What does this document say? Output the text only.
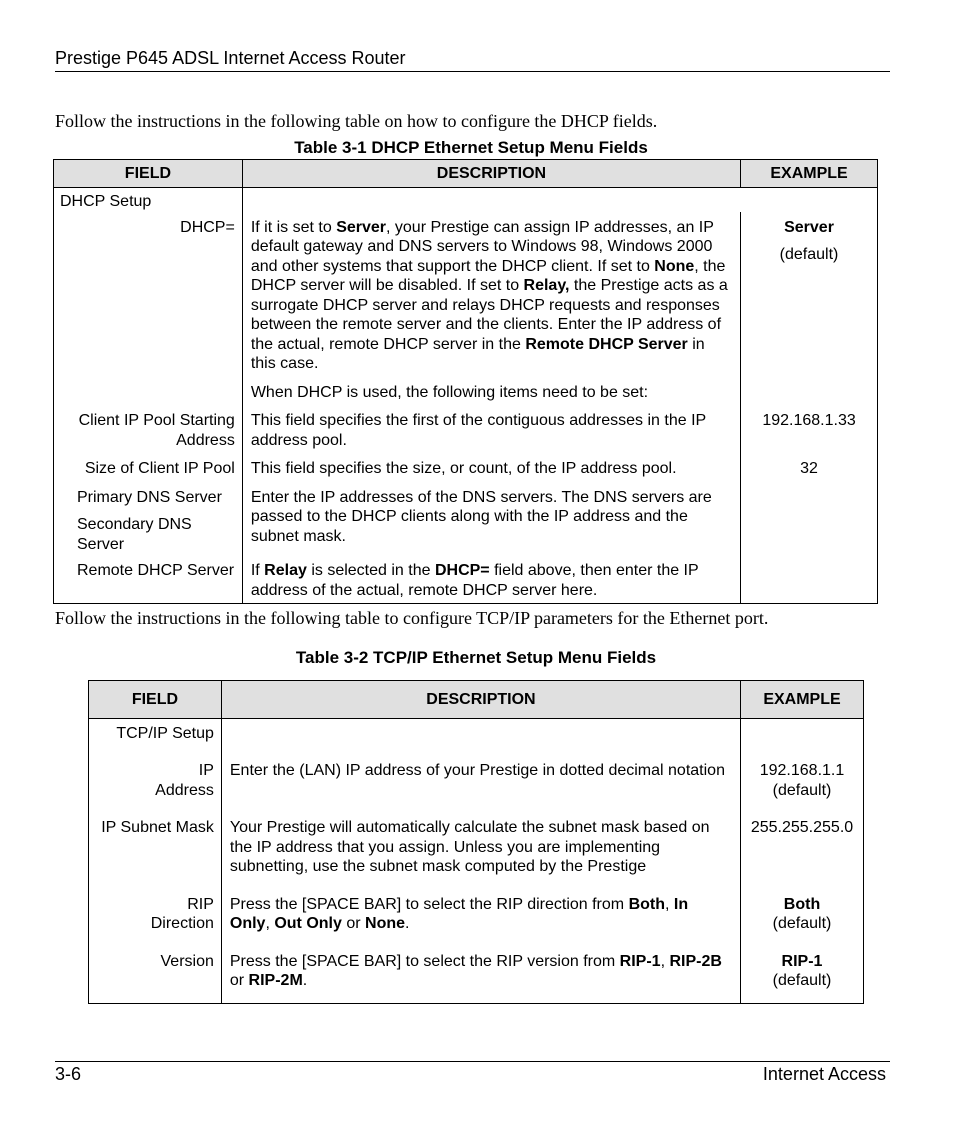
Prestige P645 ADSL Internet Access Router
Follow the instructions in the following table on how to configure the DHCP fields.
Table 3-1 DHCP Ethernet Setup Menu Fields
FIELD	DESCRIPTION	EXAMPLE
DHCP Setup		
DHCP=	If it is set to Server, your Prestige can assign IP addresses, an IP default gateway and DNS servers to Windows 98, Windows 2000 and other systems that support the DHCP client. If set to None, the DHCP server will be disabled. If set to Relay, the Prestige acts as a surrogate DHCP server and relays DHCP requests and responses between the remote server and the clients. Enter the IP address of the actual, remote DHCP server in the Remote DHCP Server in this case.	Server
(default)

	When DHCP is used, the following items need to be set:	
Client IP Pool Starting Address	This field specifies the first of the contiguous addresses in the IP address pool.	192.168.1.33
Size of Client IP Pool	This field specifies the size, or count, of the IP address pool.	32

Primary DNS Server
Secondary DNS Server	Enter the IP addresses of the DNS servers. The DNS servers are passed to the DHCP clients along with the IP address and the subnet mask.	
Remote DHCP Server	If Relay is selected in the DHCP= field above, then enter the IP address of the actual, remote DHCP server here.	

Follow the instructions in the following table to configure TCP/IP parameters for the Ethernet port.
Table 3-2 TCP/IP Ethernet Setup Menu Fields
FIELD	DESCRIPTION	EXAMPLE
TCP/IP Setup		

IP Address	Enter the (LAN) IP address of your Prestige in dotted decimal notation	192.168.1.1
(default)

IP Subnet Mask	Your Prestige will automatically calculate the subnet mask based on the IP address that you assign. Unless you are implementing subnetting, use the subnet mask computed by the Prestige	255.255.255.0

RIP Direction	Press the [SPACE BAR] to select the RIP direction from Both, In Only, Out Only or None.	Both
(default)

Version	Press the [SPACE BAR] to select the RIP version from RIP-1, RIP-2B or RIP-2M.	RIP-1
(default)

3-6	Internet Access
